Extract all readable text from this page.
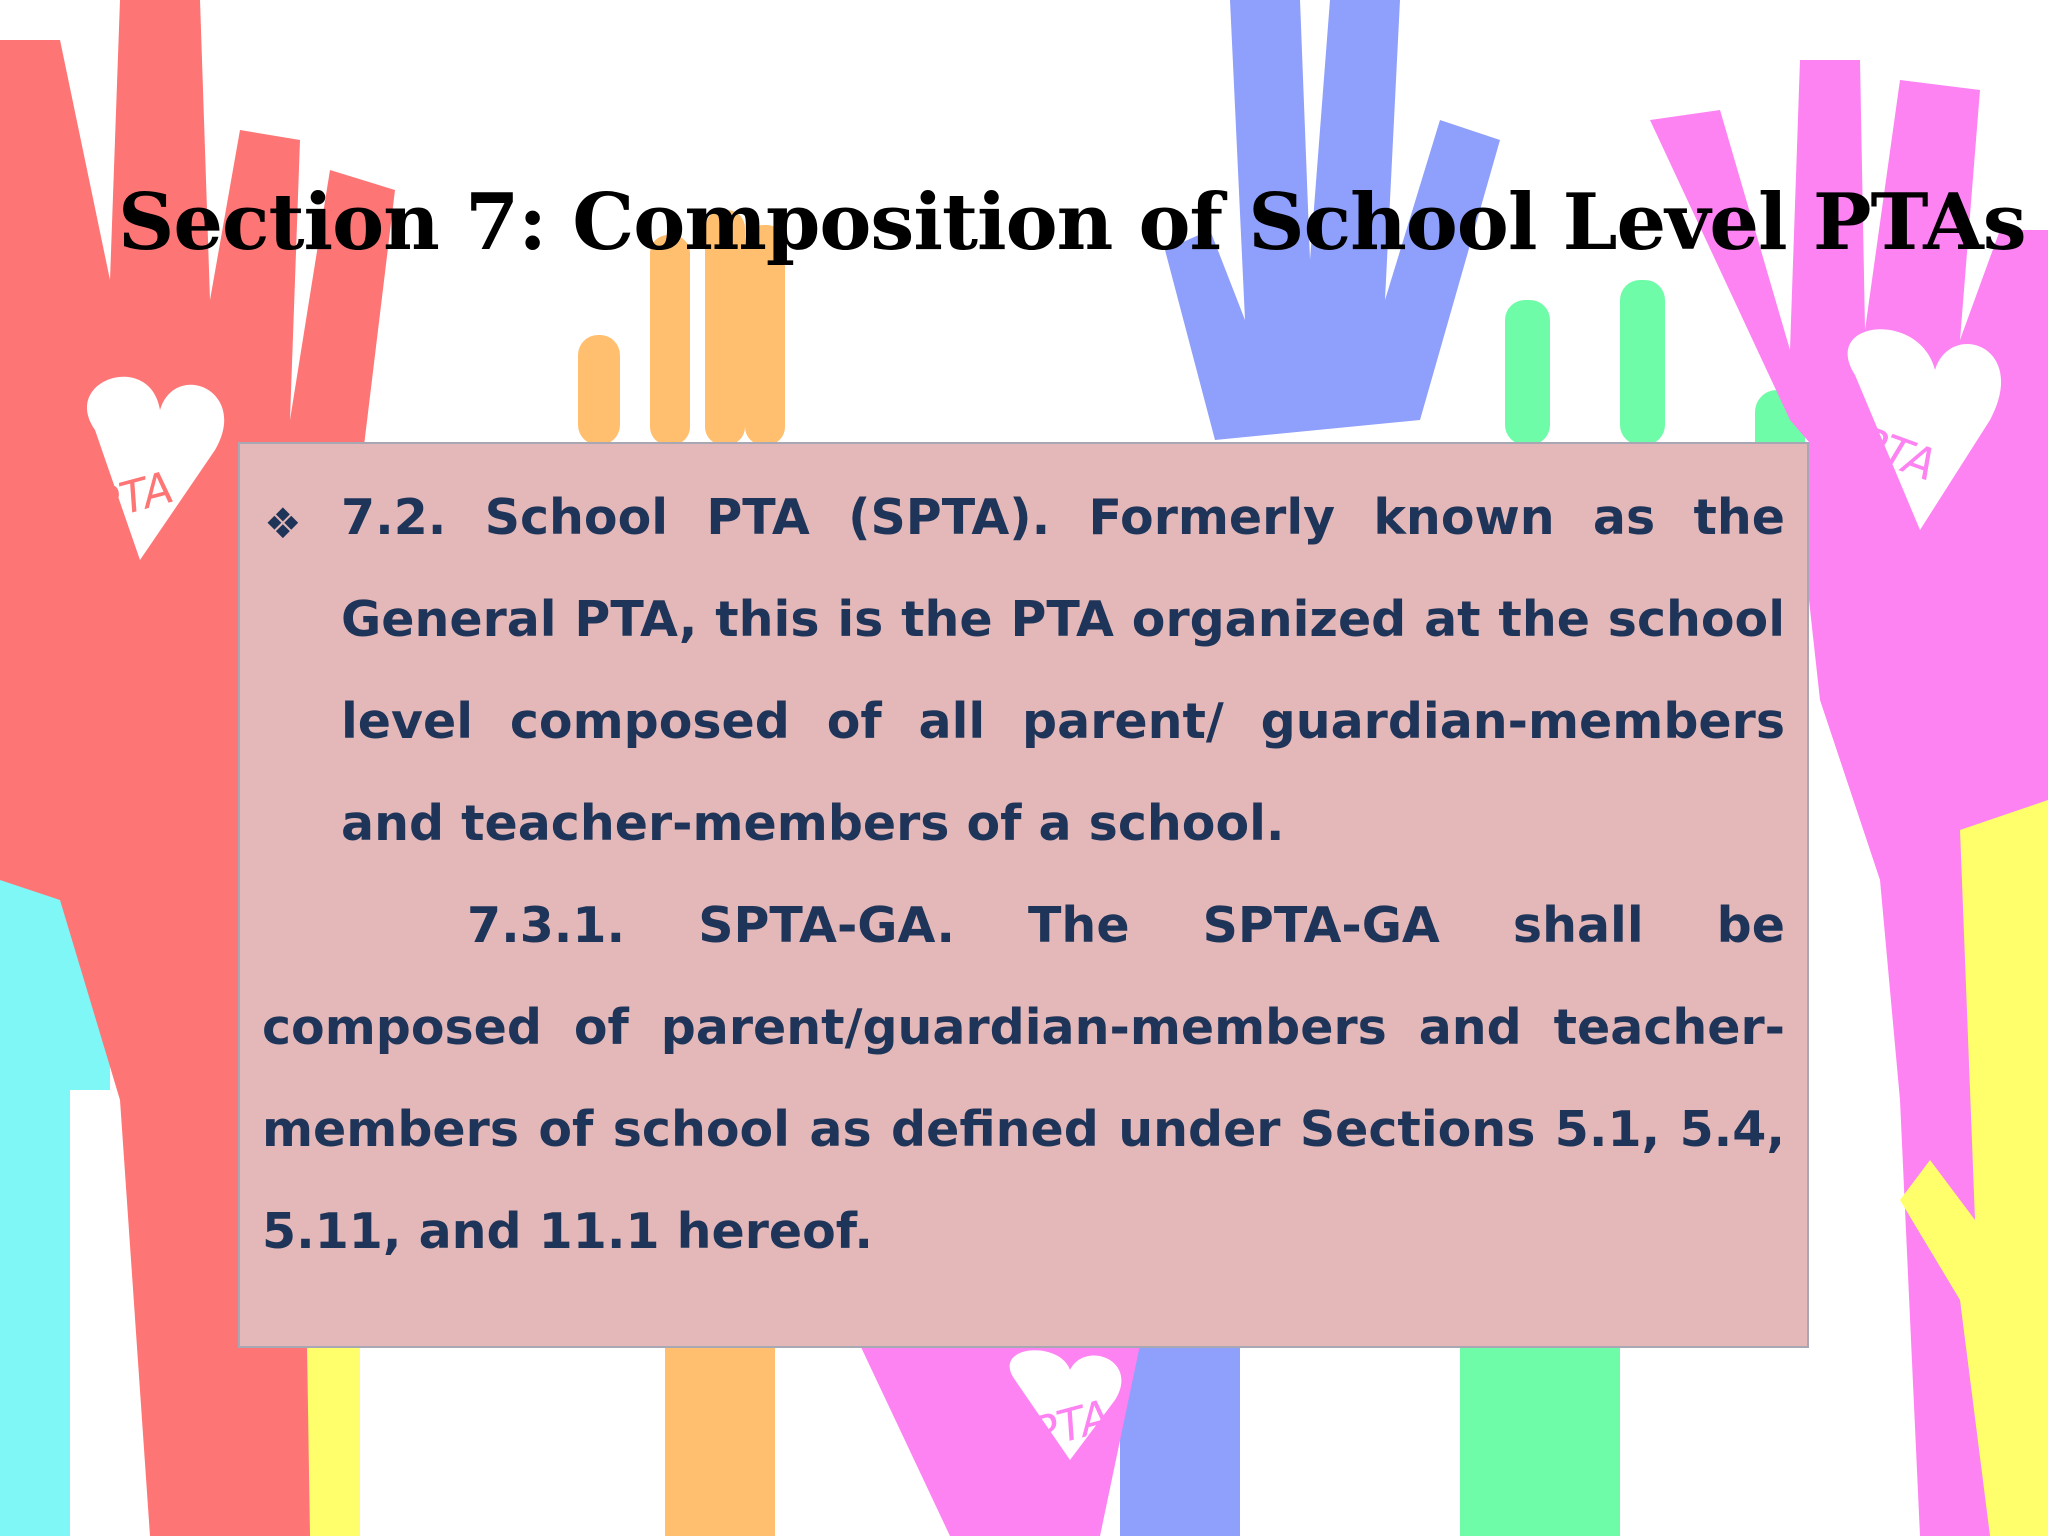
PTA
PTA
PTA
Section 7: Composition of School Level PTAs
❖ 7.2. School PTA (SPTA). Formerly known as the General PTA, this is the PTA organized at the school level composed of all parent/ guardian-members and teacher-members of a school.

7.3.1. SPTA-GA. The SPTA-GA shall be composed of parent/guardian-members and teacher-members of school as defined under Sections 5.1, 5.4, 5.11, and 11.1 hereof.
